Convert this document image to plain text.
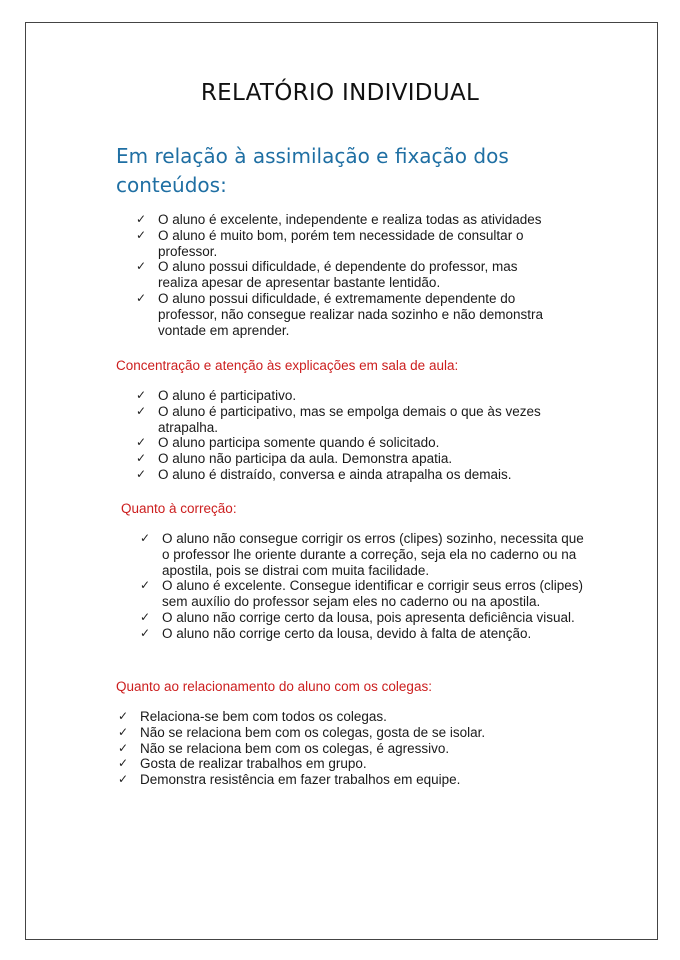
RELATÓRIO INDIVIDUAL
Em relação à assimilação e fixação dos conteúdos:
✓ O aluno é excelente, independente e realiza todas as atividades
✓ O aluno é muito bom, porém tem necessidade de consultar o professor.
✓ O aluno possui dificuldade, é dependente do professor, mas realiza apesar de apresentar bastante lentidão.
✓ O aluno possui dificuldade, é extremamente dependente do professor, não consegue realizar nada sozinho e não demonstra vontade em aprender.
Concentração e atenção às explicações em sala de aula:
✓ O aluno é participativo.
✓ O aluno é participativo, mas se empolga demais o que às vezes atrapalha.
✓ O aluno participa somente quando é solicitado.
✓ O aluno não participa da aula. Demonstra apatia.
✓ O aluno é distraído, conversa e ainda atrapalha os demais.
Quanto à correção:
✓ O aluno não consegue corrigir os erros (clipes) sozinho, necessita que o professor lhe oriente durante a correção, seja ela no caderno ou na apostila, pois se distrai com muita facilidade.
✓ O aluno é excelente. Consegue identificar e corrigir seus erros (clipes) sem auxílio do professor sejam eles no caderno ou na apostila.
✓ O aluno não corrige certo da lousa, pois apresenta deficiência visual.
✓ O aluno não corrige certo da lousa, devido à falta de atenção.
Quanto ao relacionamento do aluno com os colegas:
✓ Relaciona-se bem com todos os colegas.
✓ Não se relaciona bem com os colegas, gosta de se isolar.
✓ Não se relaciona bem com os colegas, é agressivo.
✓ Gosta de realizar trabalhos em grupo.
✓ Demonstra resistência em fazer trabalhos em equipe.
